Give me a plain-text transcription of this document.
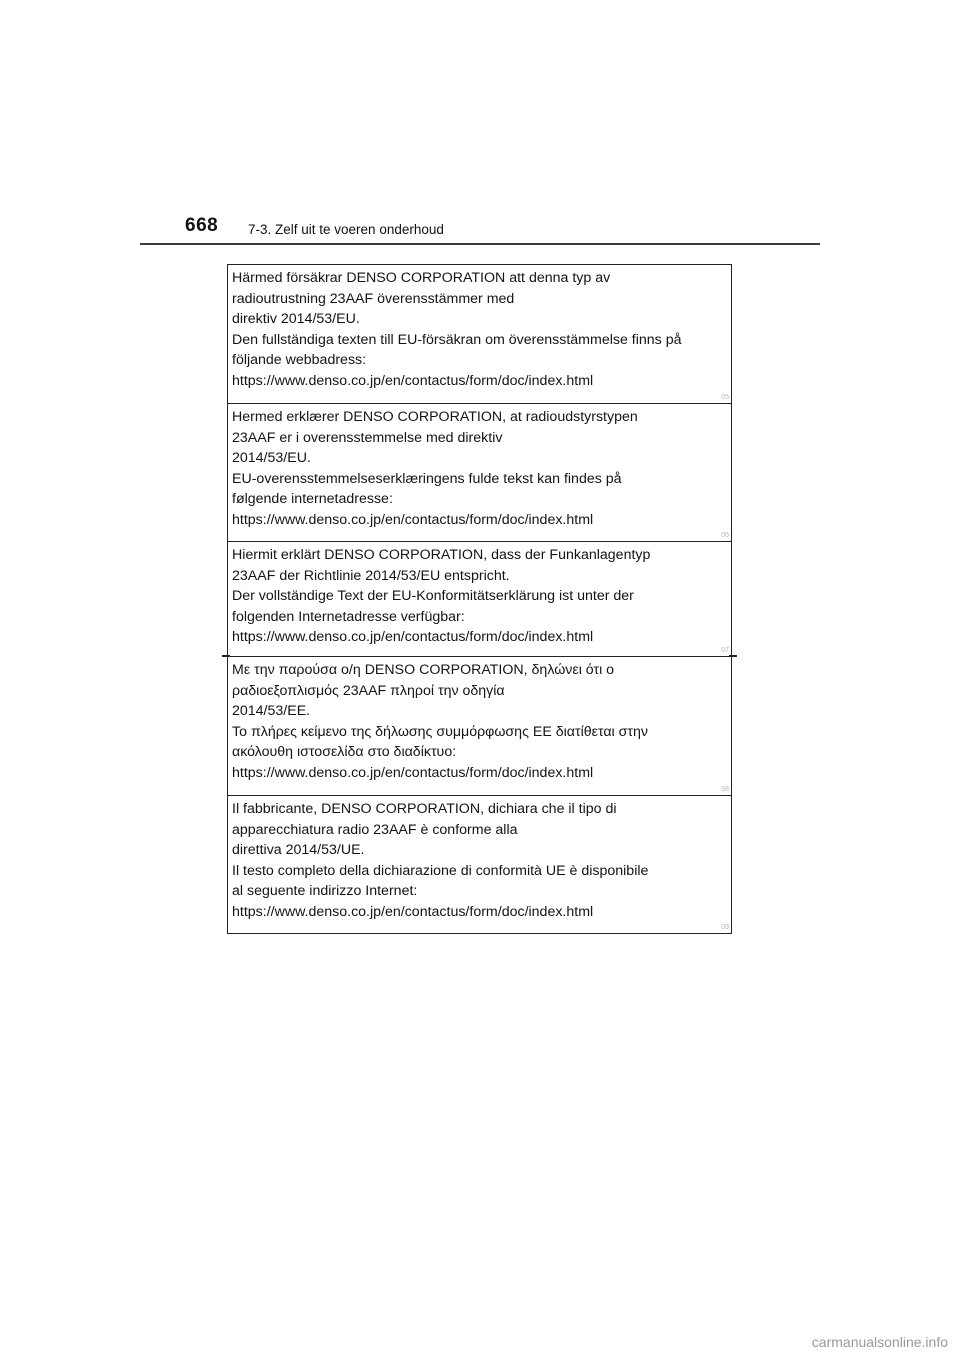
668 7-3. Zelf uit te voeren onderhoud
Härmed försäkrar DENSO CORPORATION att denna typ av
radioutrustning 23AAF överensstämmer med
direktiv 2014/53/EU.
Den fullständiga texten till EU-försäkran om överensstämmelse finns på
följande webbadress:
https://www.denso.co.jp/en/contactus/form/doc/index.html
05
Hermed erklærer DENSO CORPORATION, at radioudstyrstypen
23AAF er i overensstemmelse med direktiv
2014/53/EU.
EU-overensstemmelseserklæringens fulde tekst kan findes på
følgende internetadresse:
https://www.denso.co.jp/en/contactus/form/doc/index.html
06
Hiermit erklärt DENSO CORPORATION, dass der Funkanlagentyp
23AAF der Richtlinie 2014/53/EU entspricht.
Der vollständige Text der EU-Konformitätserklärung ist unter der
folgenden Internetadresse verfügbar:
https://www.denso.co.jp/en/contactus/form/doc/index.html
07
Με την παρούσα ο/η DENSO CORPORATION, δηλώνει ότι ο
ραδιοεξοπλισμός 23AAF πληροί την οδηγία
2014/53/ΕΕ.
Το πλήρες κείμενο της δήλωσης συμμόρφωσης ΕΕ διατίθεται στην
ακόλουθη ιστοσελίδα στο διαδίκτυο:
https://www.denso.co.jp/en/contactus/form/doc/index.html
08
Il fabbricante, DENSO CORPORATION, dichiara che il tipo di
apparecchiatura radio 23AAF è conforme alla
direttiva 2014/53/UE.
Il testo completo della dichiarazione di conformità UE è disponibile
al seguente indirizzo Internet:
https://www.denso.co.jp/en/contactus/form/doc/index.html
09
carmanualsonline.info
